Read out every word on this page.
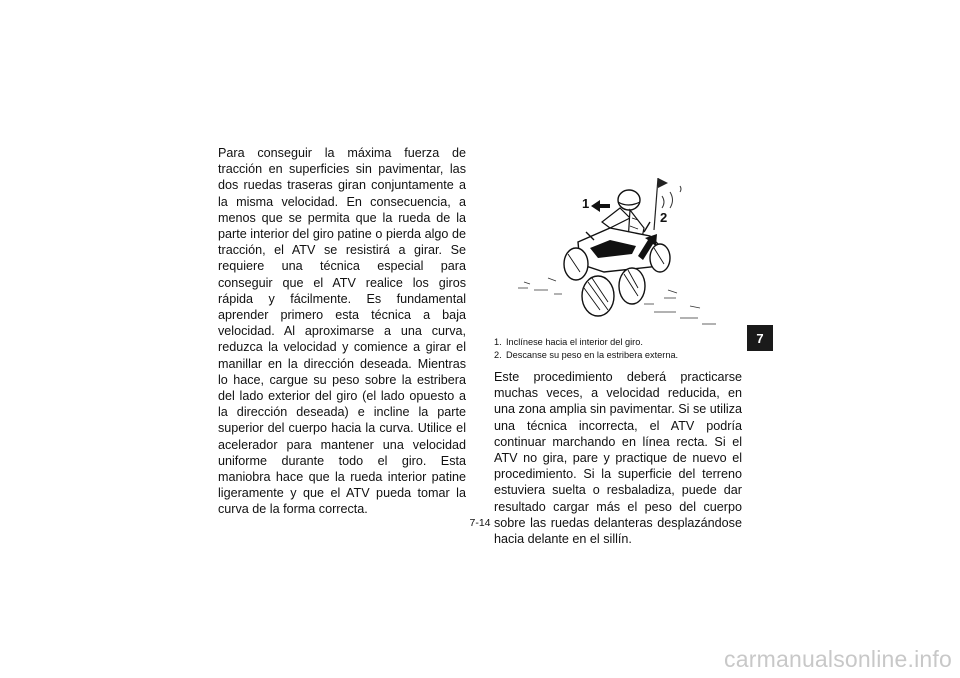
Para conseguir la máxima fuerza de tracción en superficies sin pavimentar, las dos ruedas traseras giran conjuntamente a la misma velocidad. En consecuencia, a menos que se permita que la rueda de la parte interior del giro patine o pierda algo de tracción, el ATV se resistirá a girar. Se requiere una técnica especial para conseguir que el ATV realice los giros rápida y fácilmente. Es fundamental aprender primero esta técnica a baja velocidad. Al aproximarse a una curva, reduzca la velocidad y comience a girar el manillar en la dirección deseada. Mientras lo hace, cargue su peso sobre la estribera del lado exterior del giro (el lado opuesto a la dirección deseada) e incline la parte superior del cuerpo hacia la curva. Utilice el acelerador para mantener una velocidad uniforme durante todo el giro. Esta maniobra hace que la rueda interior patine ligeramente y que el ATV pueda tomar la curva de la forma correcta.

1
2
1. Inclínese hacia el interior del giro.
2. Descanse su peso en la estribera externa.

Este procedimiento deberá practicarse muchas veces, a velocidad reducida, en una zona amplia sin pavimentar. Si se utiliza una técnica incorrecta, el ATV podría continuar marchando en línea recta. Si el ATV no gira, pare y practique de nuevo el procedimiento. Si la superficie del terreno estuviera suelta o resbaladiza, puede dar resultado cargar más el peso del cuerpo sobre las ruedas delanteras desplazándose hacia delante en el sillín.

7
7-14
carmanualsonline.info
